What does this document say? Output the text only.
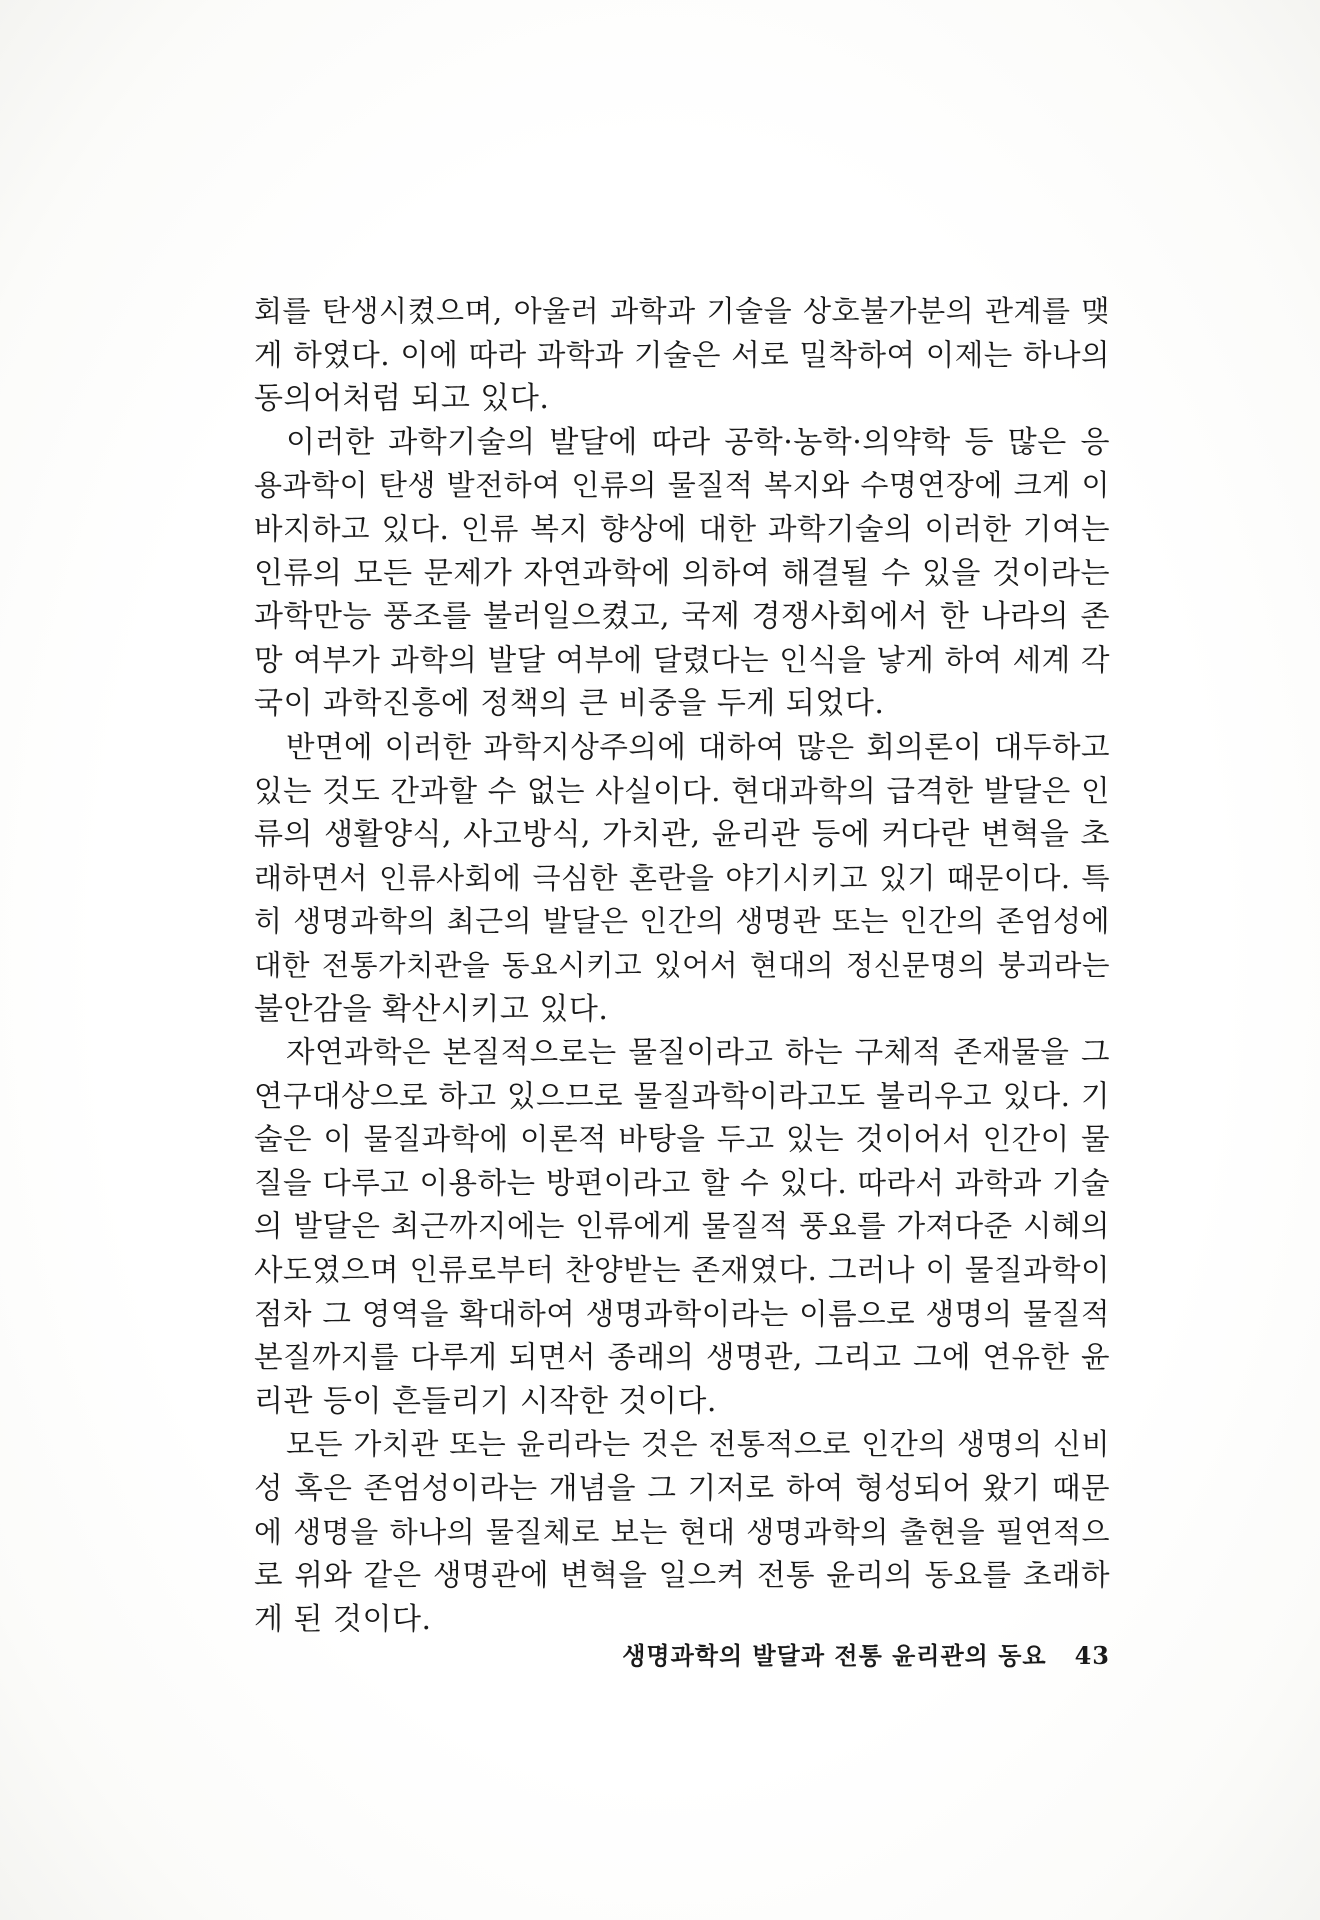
회를 탄생시켰으며, 아울러 과학과 기술을 상호불가분의 관계를 맺
게 하였다. 이에 따라 과학과 기술은 서로 밀착하여 이제는 하나의
동의어처럼 되고 있다.
이러한 과학기술의 발달에 따라 공학·농학·의약학 등 많은 응
용과학이 탄생 발전하여 인류의 물질적 복지와 수명연장에 크게 이
바지하고 있다. 인류 복지 향상에 대한 과학기술의 이러한 기여는
인류의 모든 문제가 자연과학에 의하여 해결될 수 있을 것이라는
과학만능 풍조를 불러일으켰고, 국제 경쟁사회에서 한 나라의 존
망 여부가 과학의 발달 여부에 달렸다는 인식을 낳게 하여 세계 각
국이 과학진흥에 정책의 큰 비중을 두게 되었다.
반면에 이러한 과학지상주의에 대하여 많은 회의론이 대두하고
있는 것도 간과할 수 없는 사실이다. 현대과학의 급격한 발달은 인
류의 생활양식, 사고방식, 가치관, 윤리관 등에 커다란 변혁을 초
래하면서 인류사회에 극심한 혼란을 야기시키고 있기 때문이다. 특
히 생명과학의 최근의 발달은 인간의 생명관 또는 인간의 존엄성에
대한 전통가치관을 동요시키고 있어서 현대의 정신문명의 붕괴라는
불안감을 확산시키고 있다.
자연과학은 본질적으로는 물질이라고 하는 구체적 존재물을 그
연구대상으로 하고 있으므로 물질과학이라고도 불리우고 있다. 기
술은 이 물질과학에 이론적 바탕을 두고 있는 것이어서 인간이 물
질을 다루고 이용하는 방편이라고 할 수 있다. 따라서 과학과 기술
의 발달은 최근까지에는 인류에게 물질적 풍요를 가져다준 시혜의
사도였으며 인류로부터 찬양받는 존재였다. 그러나 이 물질과학이
점차 그 영역을 확대하여 생명과학이라는 이름으로 생명의 물질적
본질까지를 다루게 되면서 종래의 생명관, 그리고 그에 연유한 윤
리관 등이 흔들리기 시작한 것이다.
모든 가치관 또는 윤리라는 것은 전통적으로 인간의 생명의 신비
성 혹은 존엄성이라는 개념을 그 기저로 하여 형성되어 왔기 때문
에 생명을 하나의 물질체로 보는 현대 생명과학의 출현을 필연적으
로 위와 같은 생명관에 변혁을 일으켜 전통 윤리의 동요를 초래하
게 된 것이다.
생명과학의 발달과 전통 윤리관의 동요 43
